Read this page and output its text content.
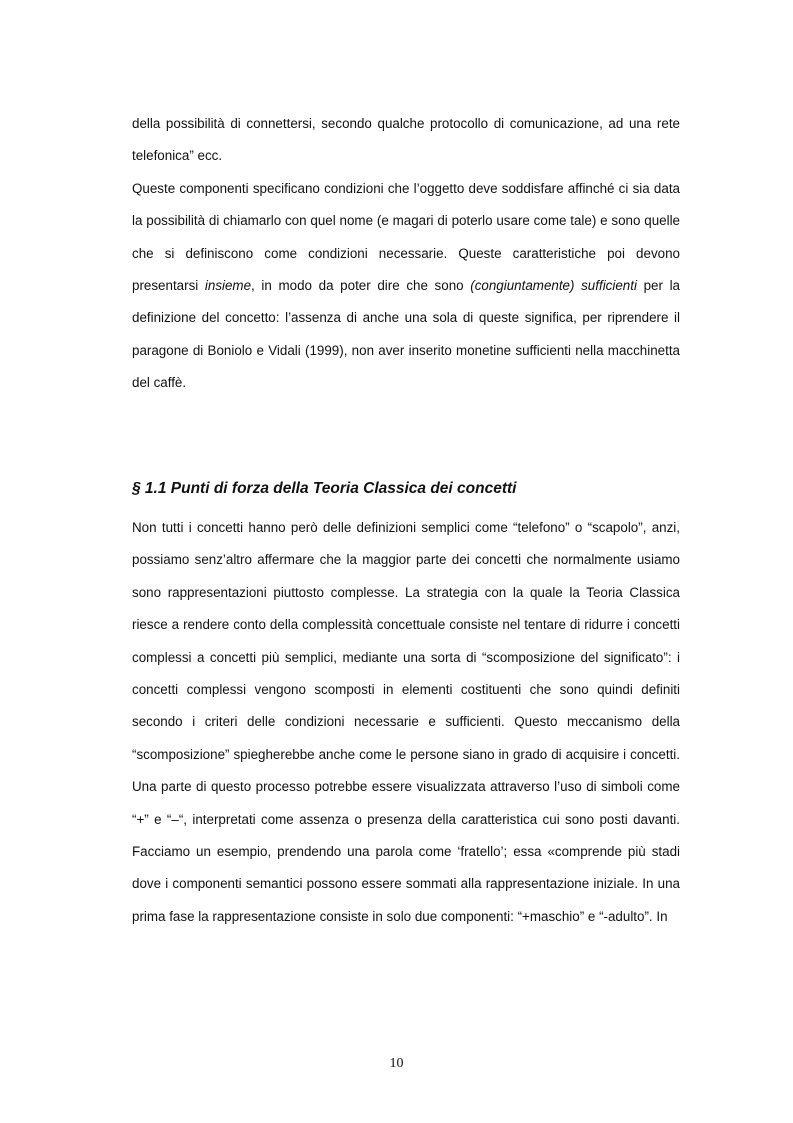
della possibilità di connettersi, secondo qualche protocollo di comunicazione, ad una rete telefonica” ecc.

Queste componenti specificano condizioni che l’oggetto deve soddisfare affinché ci sia data la possibilità di chiamarlo con quel nome (e magari di poterlo usare come tale) e sono quelle che si definiscono come condizioni necessarie. Queste caratteristiche poi devono presentarsi insieme, in modo da poter dire che sono (congiuntamente) sufficienti per la definizione del concetto: l’assenza di anche una sola di queste significa, per riprendere il paragone di Boniolo e Vidali (1999), non aver inserito monetine sufficienti nella macchinetta del caffè.

§ 1.1 Punti di forza della Teoria Classica dei concetti

Non tutti i concetti hanno però delle definizioni semplici come “telefono” o “scapolo”, anzi, possiamo senz’altro affermare che la maggior parte dei concetti che normalmente usiamo sono rappresentazioni piuttosto complesse. La strategia con la quale la Teoria Classica riesce a rendere conto della complessità concettuale consiste nel tentare di ridurre i concetti complessi a concetti più semplici, mediante una sorta di “scomposizione del significato”: i concetti complessi vengono scomposti in elementi costituenti che sono quindi definiti secondo i criteri delle condizioni necessarie e sufficienti. Questo meccanismo della “scomposizione” spiegherebbe anche come le persone siano in grado di acquisire i concetti. Una parte di questo processo potrebbe essere visualizzata attraverso l’uso di simboli come “+” e “–“, interpretati come assenza o presenza della caratteristica cui sono posti davanti. Facciamo un esempio, prendendo una parola come ‘fratello’; essa «comprende più stadi dove i componenti semantici possono essere sommati alla rappresentazione iniziale. In una prima fase la rappresentazione consiste in solo due componenti: “+maschio” e “-adulto”. In

10
